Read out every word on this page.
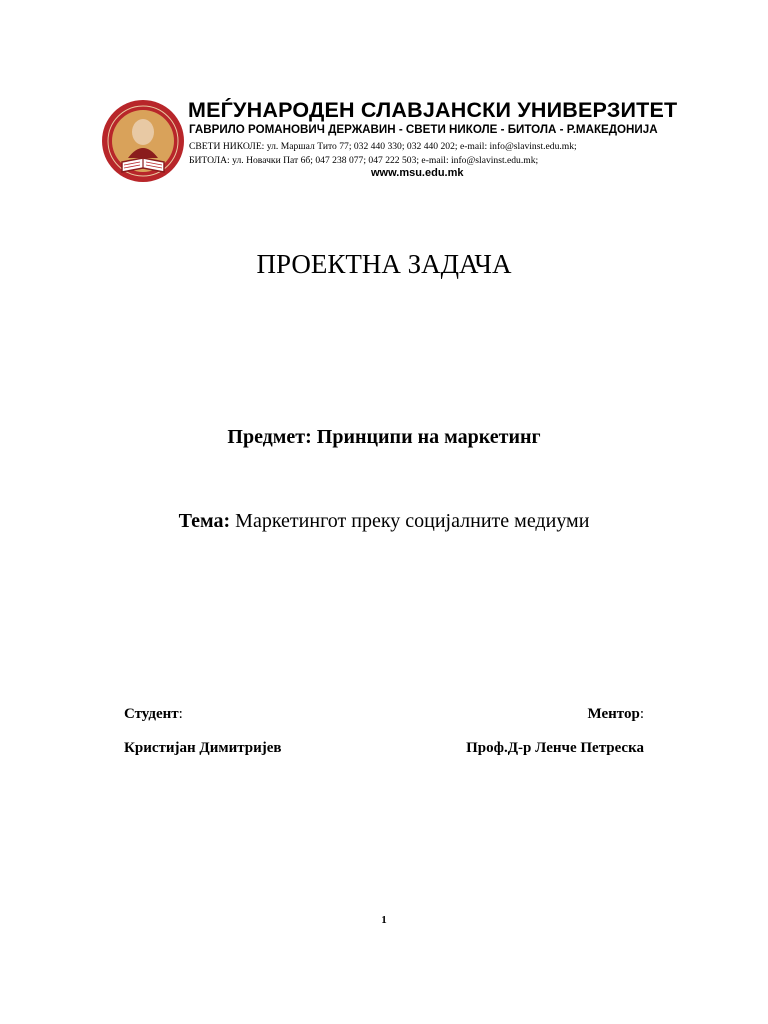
МЕЃУНАРОДЕН СЛАВЈАНСКИ УНИВЕРЗИТЕТ
ГАВРИЛО РОМАНОВИЧ ДЕРЖАВИН - СВЕТИ НИКОЛЕ - БИТОЛА - Р.МАКЕДОНИЈА
СВЕТИ НИКОЛЕ: ул. Маршал Тито 77; 032 440 330; 032 440 202; e-mail: info@slavinst.edu.mk;
БИТОЛА: ул. Новачки Пат 6б; 047 238 077; 047 222 503; e-mail: info@slavinst.edu.mk;
www.msu.edu.mk
ПРОЕКТНА ЗАДАЧА
Предмет: Принципи на маркетинг
Тема: Маркетингот преку социјалните медиуми
Студент:
Кристијан Димитријев
Ментор:
Проф.Д-р Ленче Петреска
1
